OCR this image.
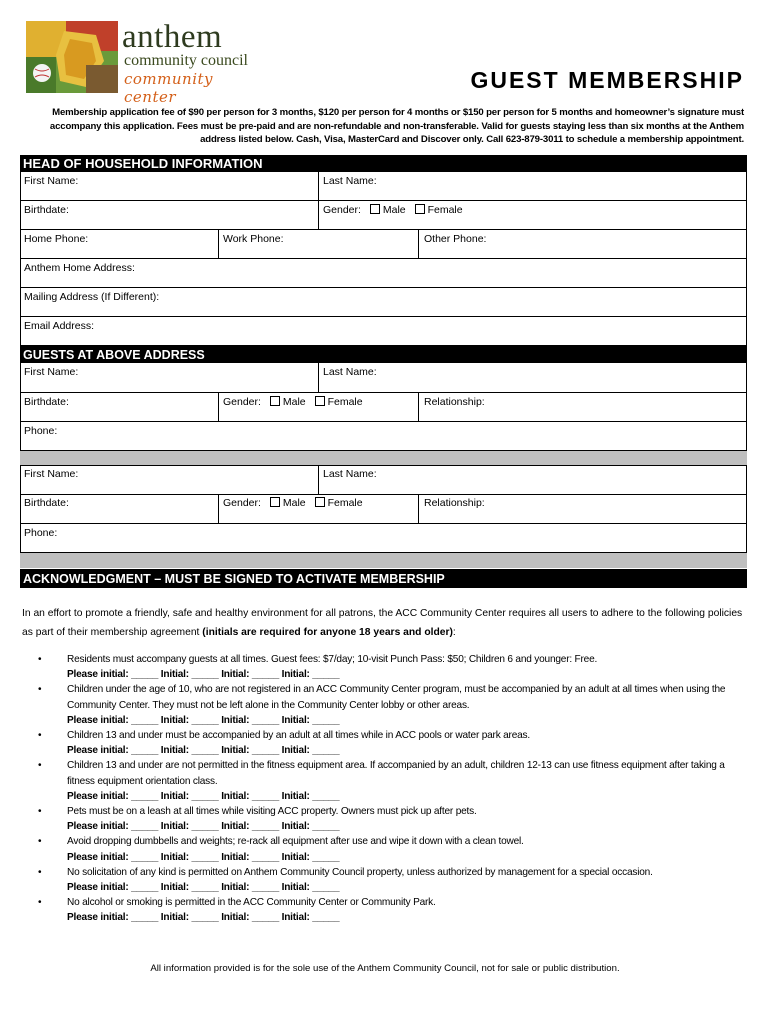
anthem
community council
community center
GUEST MEMBERSHIP
Membership application fee of $90 per person for 3 months, $120 per person for 4 months or $150 per person for 5 months and homeowner’s signature must accompany this application. Fees must be pre-paid and are non-refundable and non-transferable. Valid for guests staying less than six months at the Anthem address listed below. Cash, Visa, MasterCard and Discover only. Call 623-879-3011 to schedule a membership appointment.
HEAD OF HOUSEHOLD INFORMATION
First Name:	Last Name:
Birthdate:	Gender: Male Female
Home Phone:	Work Phone:	Other Phone:
Anthem Home Address:
Mailing Address (If Different):
Email Address:
GUESTS AT ABOVE ADDRESS
First Name:	Last Name:
Birthdate:	Gender: Male Female	Relationship:
Phone:
First Name:	Last Name:
Birthdate:	Gender: Male Female	Relationship:
Phone:
ACKNOWLEDGMENT – MUST BE SIGNED TO ACTIVATE MEMBERSHIP
In an effort to promote a friendly, safe and healthy environment for all patrons, the ACC Community Center requires all users to adhere to the following policies as part of their membership agreement (initials are required for anyone 18 years and older):
• Residents must accompany guests at all times. Guest fees: $7/day; 10-visit Punch Pass: $50; Children 6 and younger: Free.
Please initial: _____ Initial: _____ Initial: _____ Initial: _____
• Children under the age of 10, who are not registered in an ACC Community Center program, must be accompanied by an adult at all times when using the Community Center. They must not be left alone in the Community Center lobby or other areas.
Please initial: _____ Initial: _____ Initial: _____ Initial: _____
• Children 13 and under must be accompanied by an adult at all times while in ACC pools or water park areas.
Please initial: _____ Initial: _____ Initial: _____ Initial: _____
• Children 13 and under are not permitted in the fitness equipment area. If accompanied by an adult, children 12-13 can use fitness equipment after taking a fitness equipment orientation class.
Please initial: _____ Initial: _____ Initial: _____ Initial: _____
• Pets must be on a leash at all times while visiting ACC property. Owners must pick up after pets.
Please initial: _____ Initial: _____ Initial: _____ Initial: _____
• Avoid dropping dumbbells and weights; re-rack all equipment after use and wipe it down with a clean towel.
Please initial: _____ Initial: _____ Initial: _____ Initial: _____
• No solicitation of any kind is permitted on Anthem Community Council property, unless authorized by management for a special occasion.
Please initial: _____ Initial: _____ Initial: _____ Initial: _____
• No alcohol or smoking is permitted in the ACC Community Center or Community Park.
Please initial: _____ Initial: _____ Initial: _____ Initial: _____
All information provided is for the sole use of the Anthem Community Council, not for sale or public distribution.
